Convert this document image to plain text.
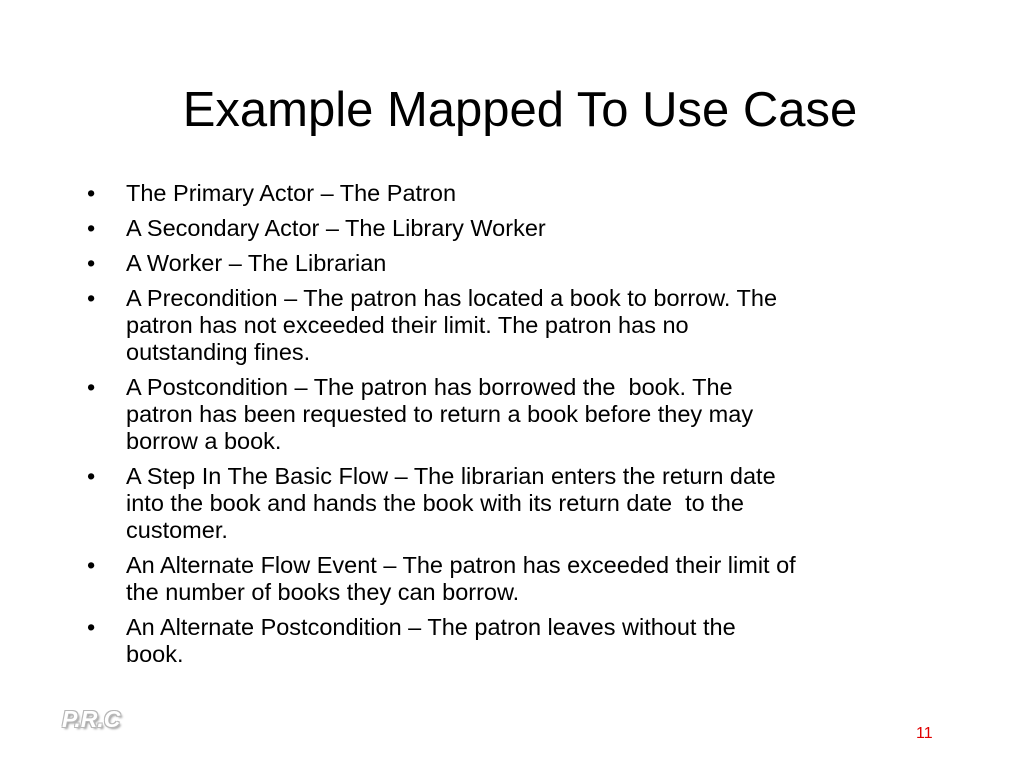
Example Mapped To Use Case
•	The Primary Actor – The Patron
•	A Secondary Actor – The Library Worker
•	A Worker – The Librarian
•	A Precondition – The patron has located a book to borrow. The
patron has not exceeded their limit. The patron has no
outstanding fines.
•	A Postcondition – The patron has borrowed the  book. The
patron has been requested to return a book before they may
borrow a book.
•	A Step In The Basic Flow – The librarian enters the return date
into the book and hands the book with its return date  to the
customer.
•	An Alternate Flow Event – The patron has exceeded their limit of
the number of books they can borrow.
•	An Alternate Postcondition – The patron leaves without the
book.
P.R.C
11
